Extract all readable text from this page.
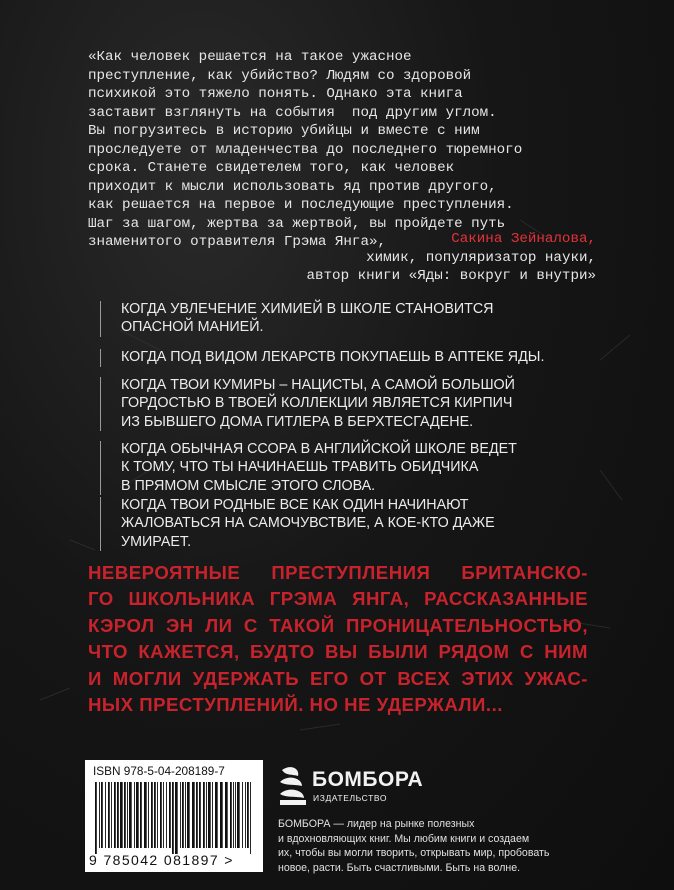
«Как человек решается на такое ужасное
преступление, как убийство? Людям со здоровой
психикой это тяжело понять. Однако эта книга
заставит взглянуть на события  под другим углом.
Вы погрузитесь в историю убийцы и вместе с ним
проследуете от младенчества до последнего тюремного
срока. Станете свидетелем того, как человек
приходит к мысли использовать яд против другого,
как решается на первое и последующие преступления.
Шаг за шагом, жертва за жертвой, вы пройдете путь
знаменитого отравителя Грэма Янга»,	Сакина Зейналова,
химик, популяризатор науки,
автор книги «Яды: вокруг и внутри»
КОГДА УВЛЕЧЕНИЕ ХИМИЕЙ В ШКОЛЕ СТАНОВИТСЯ
ОПАСНОЙ МАНИЕЙ.
КОГДА ПОД ВИДОМ ЛЕКАРСТВ ПОКУПАЕШЬ В АПТЕКЕ ЯДЫ.
КОГДА ТВОИ КУМИРЫ – НАЦИСТЫ, А САМОЙ БОЛЬШОЙ
ГОРДОСТЬЮ В ТВОЕЙ КОЛЛЕКЦИИ ЯВЛЯЕТСЯ КИРПИЧ
ИЗ БЫВШЕГО ДОМА ГИТЛЕРА В БЕРХТЕСГАДЕНЕ.
КОГДА ОБЫЧНАЯ ССОРА В АНГЛИЙСКОЙ ШКОЛЕ ВЕДЕТ
К ТОМУ, ЧТО ТЫ НАЧИНАЕШЬ ТРАВИТЬ ОБИДЧИКА
В ПРЯМОМ СМЫСЛЕ ЭТОГО СЛОВА.
КОГДА ТВОИ РОДНЫЕ ВСЕ КАК ОДИН НАЧИНАЮТ
ЖАЛОВАТЬСЯ НА САМОЧУВСТВИЕ, А КОЕ-КТО ДАЖЕ
УМИРАЕТ.
НЕВЕРОЯТНЫЕ ПРЕСТУПЛЕНИЯ БРИТАНСКО-
ГО ШКОЛЬНИКА ГРЭМА ЯНГА, РАССКАЗАННЫЕ
КЭРОЛ ЭН ЛИ С ТАКОЙ ПРОНИЦАТЕЛЬНОСТЬЮ,
ЧТО КАЖЕТСЯ, БУДТО ВЫ БЫЛИ РЯДОМ С НИМ
И МОГЛИ УДЕРЖАТЬ ЕГО ОТ ВСЕХ ЭТИХ УЖАС-
НЫХ ПРЕСТУПЛЕНИЙ. НО НЕ УДЕРЖАЛИ...
ISBN 978-5-04-208189-7
9 785042 081897 >
БОМБОРА
ИЗДАТЕЛЬСТВО
БОМБОРА — лидер на рынке полезных
и вдохновляющих книг. Мы любим книги и создаем
их, чтобы вы могли творить, открывать мир, пробовать
новое, расти. Быть счастливыми. Быть на волне.
